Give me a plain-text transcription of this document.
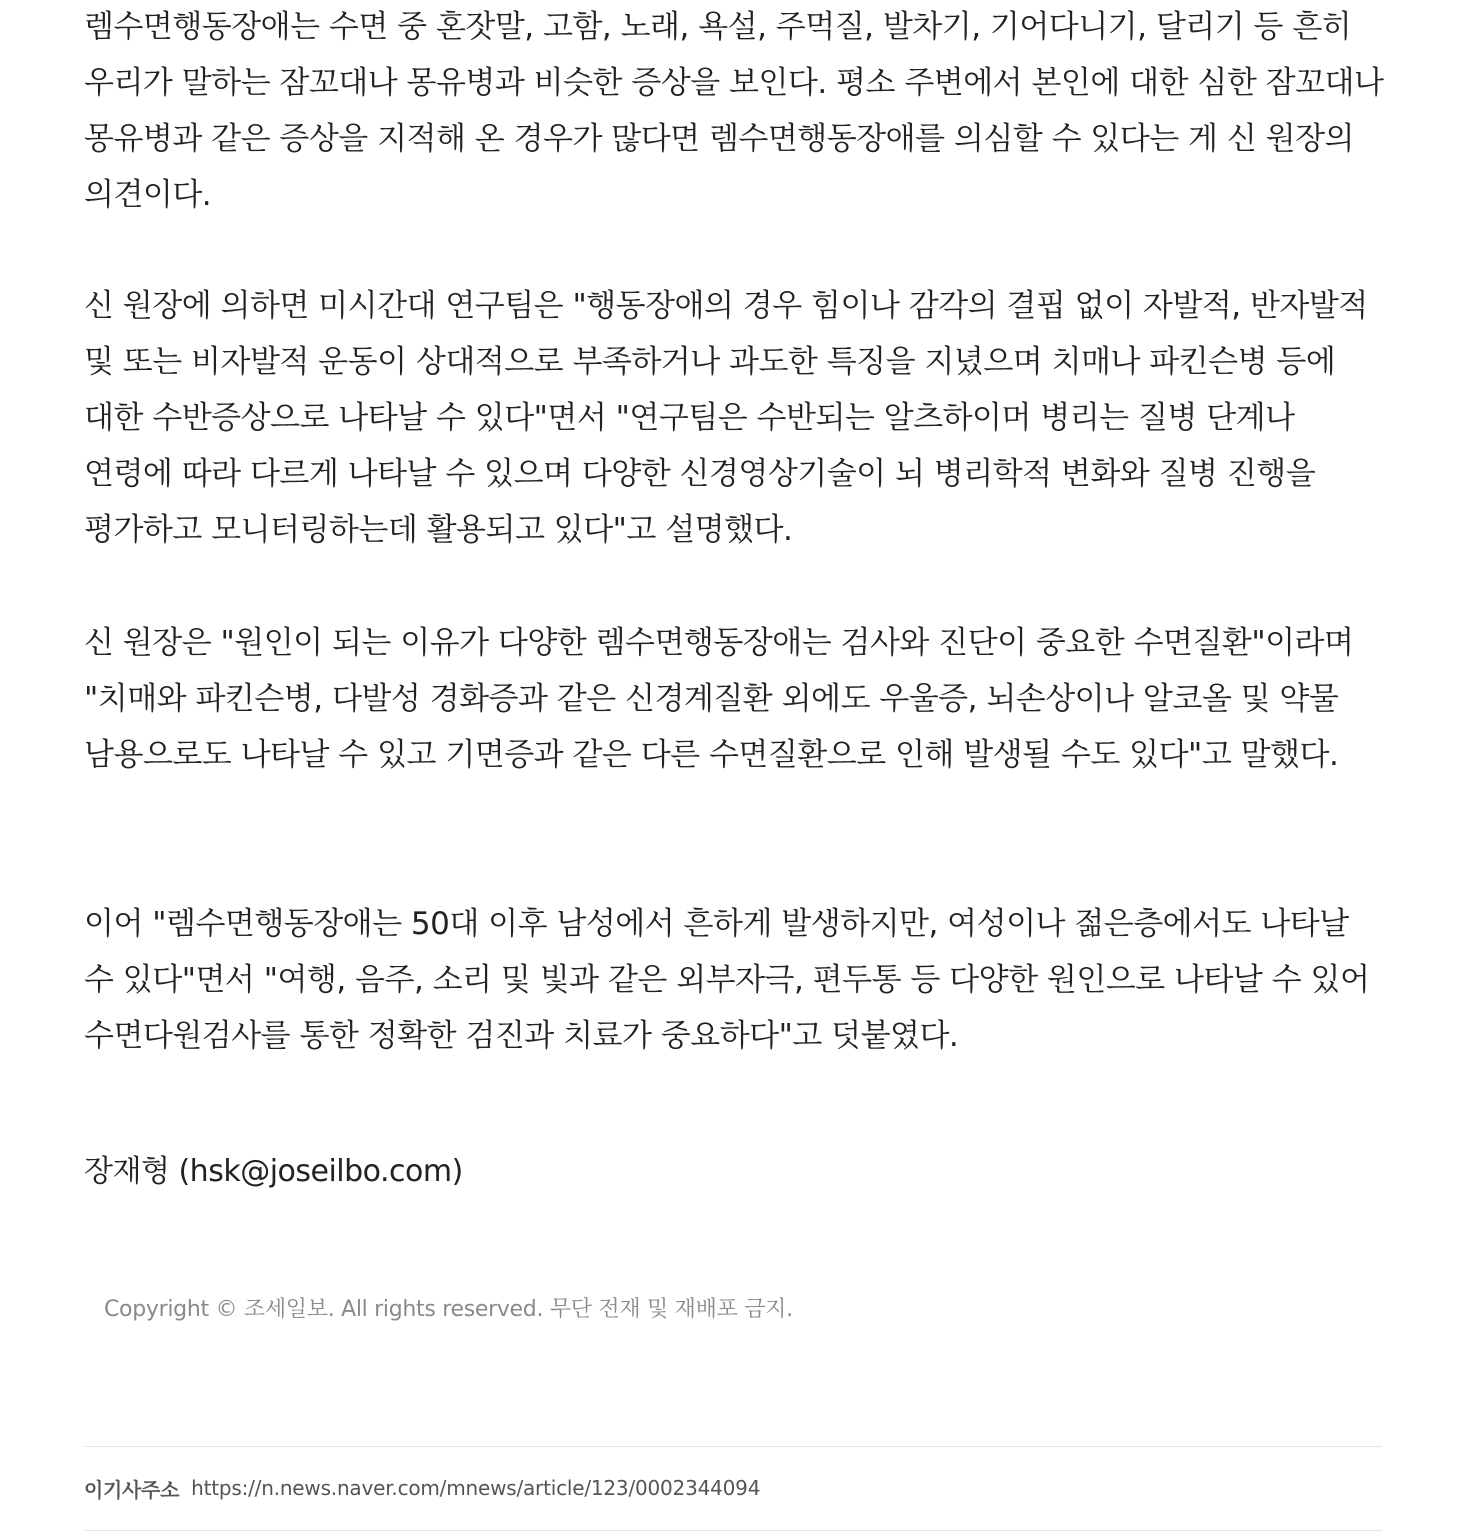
렘수면행동장애는 수면 중 혼잣말, 고함, 노래, 욕설, 주먹질, 발차기, 기어다니기, 달리기 등 흔히 우리가 말하는 잠꼬대나 몽유병과 비슷한 증상을 보인다. 평소 주변에서 본인에 대한 심한 잠꼬대나 몽유병과 같은 증상을 지적해 온 경우가 많다면 렘수면행동장애를 의심할 수 있다는 게 신 원장의 의견이다.

신 원장에 의하면 미시간대 연구팀은 "행동장애의 경우 힘이나 감각의 결핍 없이 자발적, 반자발적 및 또는 비자발적 운동이 상대적으로 부족하거나 과도한 특징을 지녔으며 치매나 파킨슨병 등에 대한 수반증상으로 나타날 수 있다"면서 "연구팀은 수반되는 알츠하이머 병리는 질병 단계나 연령에 따라 다르게 나타날 수 있으며 다양한 신경영상기술이 뇌 병리학적 변화와 질병 진행을 평가하고 모니터링하는데 활용되고 있다"고 설명했다.

신 원장은 "원인이 되는 이유가 다양한 렘수면행동장애는 검사와 진단이 중요한 수면질환"이라며 "치매와 파킨슨병, 다발성 경화증과 같은 신경계질환 외에도 우울증, 뇌손상이나 알코올 및 약물 남용으로도 나타날 수 있고 기면증과 같은 다른 수면질환으로 인해 발생될 수도 있다"고 말했다.

이어 "렘수면행동장애는 50대 이후 남성에서 흔하게 발생하지만, 여성이나 젊은층에서도 나타날 수 있다"면서 "여행, 음주, 소리 및 빛과 같은 외부자극, 편두통 등 다양한 원인으로 나타날 수 있어 수면다원검사를 통한 정확한 검진과 치료가 중요하다"고 덧붙였다.

장재형 (hsk@joseilbo.com)

Copyright © 조세일보. All rights reserved. 무단 전재 및 재배포 금지.

이기사주소 https://n.news.naver.com/mnews/article/123/0002344094
